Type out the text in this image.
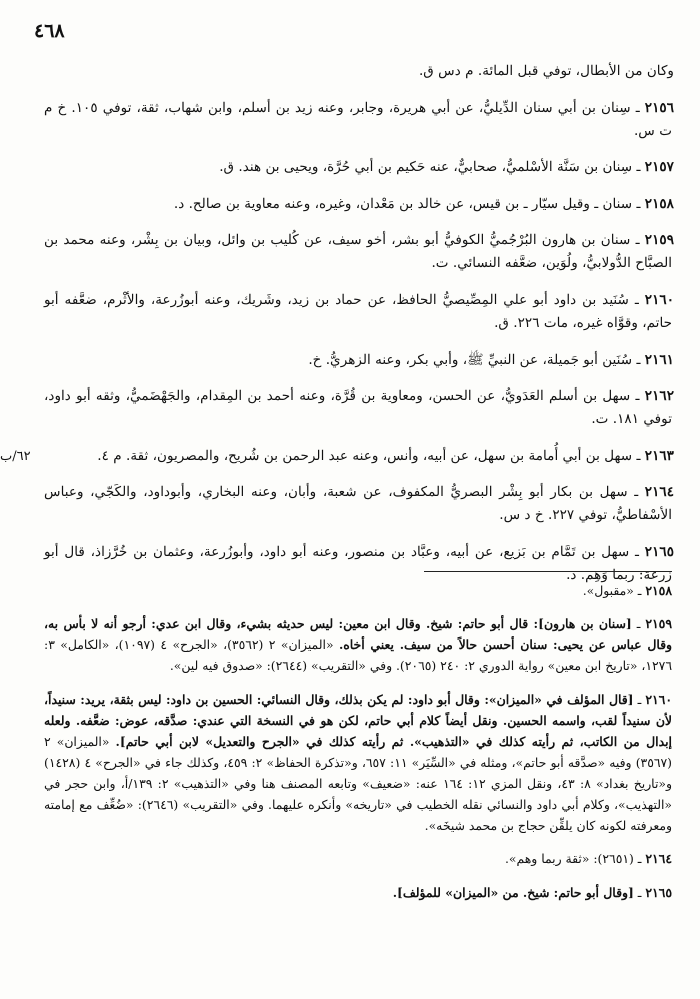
٤٦٨

وكان من الأبطال، توفي قبل المائة. م دس ق.

٢١٥٦ ـ سِنان بن أبي سنان الدِّيليُّ، عن أبي هريرة، وجابر، وعنه زيد بن أسلم، وابن شهاب، ثقة، توفي ١٠٥. خ م ت س.

٢١٥٧ ـ سِنان بن سَنَّة الأسْلميُّ، صحابيٌّ، عنه حَكيم بن أبي حُرَّة، ويحيى بن هند. ق.

٢١٥٨ ـ سنان ـ وقيل سيّار ـ بن قيس، عن خالد بن مَعْدان، وغيره، وعنه معاوية بن صالح. د.

٢١٥٩ ـ سنان بن هارون البُرْجُميُّ الكوفيُّ أبو بشر، أخو سيف، عن كُليب بن وائل، وبيان بن بِشْر، وعنه محمد بن الصبَّاح الدُّولابيُّ، ولُوَين، ضعَّفه النسائي. ت.

٢١٦٠ ـ سُنَيد بن داود أبو علي المِصِّيصيُّ الحافظ، عن حماد بن زيد، وشَريك، وعنه أبوزُرعة، والأثْرم، ضعَّفه أبو حاتم، وقوَّاه غيره، مات ٢٢٦. ق.

٢١٦١ ـ سُنَين أبو جَميلة، عن النبيِّ ﷺ، وأبي بكر، وعنه الزهريُّ. خ.

٢١٦٢ ـ سهل بن أسلم العَدَويُّ، عن الحسن، ومعاوية بن قُرَّة، وعنه أحمد بن المِقدام، والجَهْضَميُّ، وثقه أبو داود، توفي ١٨١. ت.

٦٢/ب	٢١٦٣ ـ سهل بن أبي أُمامة بن سهل، عن أبيه، وأنس، وعنه عبد الرحمن بن شُريح، والمصريون، ثقة. م ٤.

٢١٦٤ ـ سهل بن بكار أبو بِشْر البصريُّ المكفوف، عن شعبة، وأبان، وعنه البخاري، وأبوداود، والكَجّي، وعباس الأسْفاطيُّ، توفي ٢٢٧. خ د س.

٢١٦٥ ـ سهل بن تَمَّام بن بَزيع، عن أبيه، وعبَّاد بن منصور، وعنه أبو داود، وأبوزُرعة، وعثمان بن خُرَّزاذ، قال أبو زرعة: ربما وَهِم. د.

٢١٥٨ ـ «مقبول».

٢١٥٩ ـ [سنان بن هارون]: قال أبو حاتم: شيخ. وقال ابن معين: ليس حديثه بشيء، وقال ابن عدي: أرجو أنه لا بأس به، وقال عباس عن يحيى: سنان أحسن حالاً من سيف. يعني أخاه. «الميزان» ٢ (٣٥٦٢)، «الجرح» ٤ (١٠٩٧)، «الكامل» ٣: ١٢٧٦، «تاريخ ابن معين» رواية الدوري ٢: ٢٤٠ (٢٠٦٥). وفي «التقريب» (٢٦٤٤): «صدوق فيه لين».

٢١٦٠ ـ [قال المؤلف في «الميزان»: وقال أبو داود: لم يكن بذلك، وقال النسائي: الحسين بن داود: ليس بثقة، يريد: سنيداً، لأن سنيداً لقب، واسمه الحسين. ونقل أيضاً كلام أبي حاتم، لكن هو في النسخة التي عندي: صدَّقه، عوض: ضعَّفه. ولعله إبدال من الكاتب، ثم رأيته كذلك في «التذهيب». ثم رأيته كذلك في «الجرح والتعديل» لابن أبي حاتم]. «الميزان» ٢ (٣٥٦٧) وفيه «صدَّقه أبو حاتم»، ومثله في «السِّيَر» ١١: ٦٥٧، و«تذكرة الحفاظ» ٢: ٤٥٩، وكذلك جاء في «الجرح» ٤ (١٤٢٨) و«تاريخ بغداد» ٨: ٤٣، ونقل المزي ١٢: ١٦٤ عنه: «ضعيف» وتابعه المصنف هنا وفي «التذهيب» ٢: ١٣٩/أ، وابن حجر في «التهذيب»، وكلام أبي داود والنسائي نقله الخطيب في «تاريخه» وأنكره عليهما. وفي «التقريب» (٢٦٤٦): «ضُعِّف مع إمامته ومعرفته لكونه كان يلقِّن حجاج بن محمد شيخَه».

٢١٦٤ ـ (٢٦٥١): «ثقة ربما وهم».

٢١٦٥ ـ [وقال أبو حاتم: شيخ. من «الميزان» للمؤلف].
